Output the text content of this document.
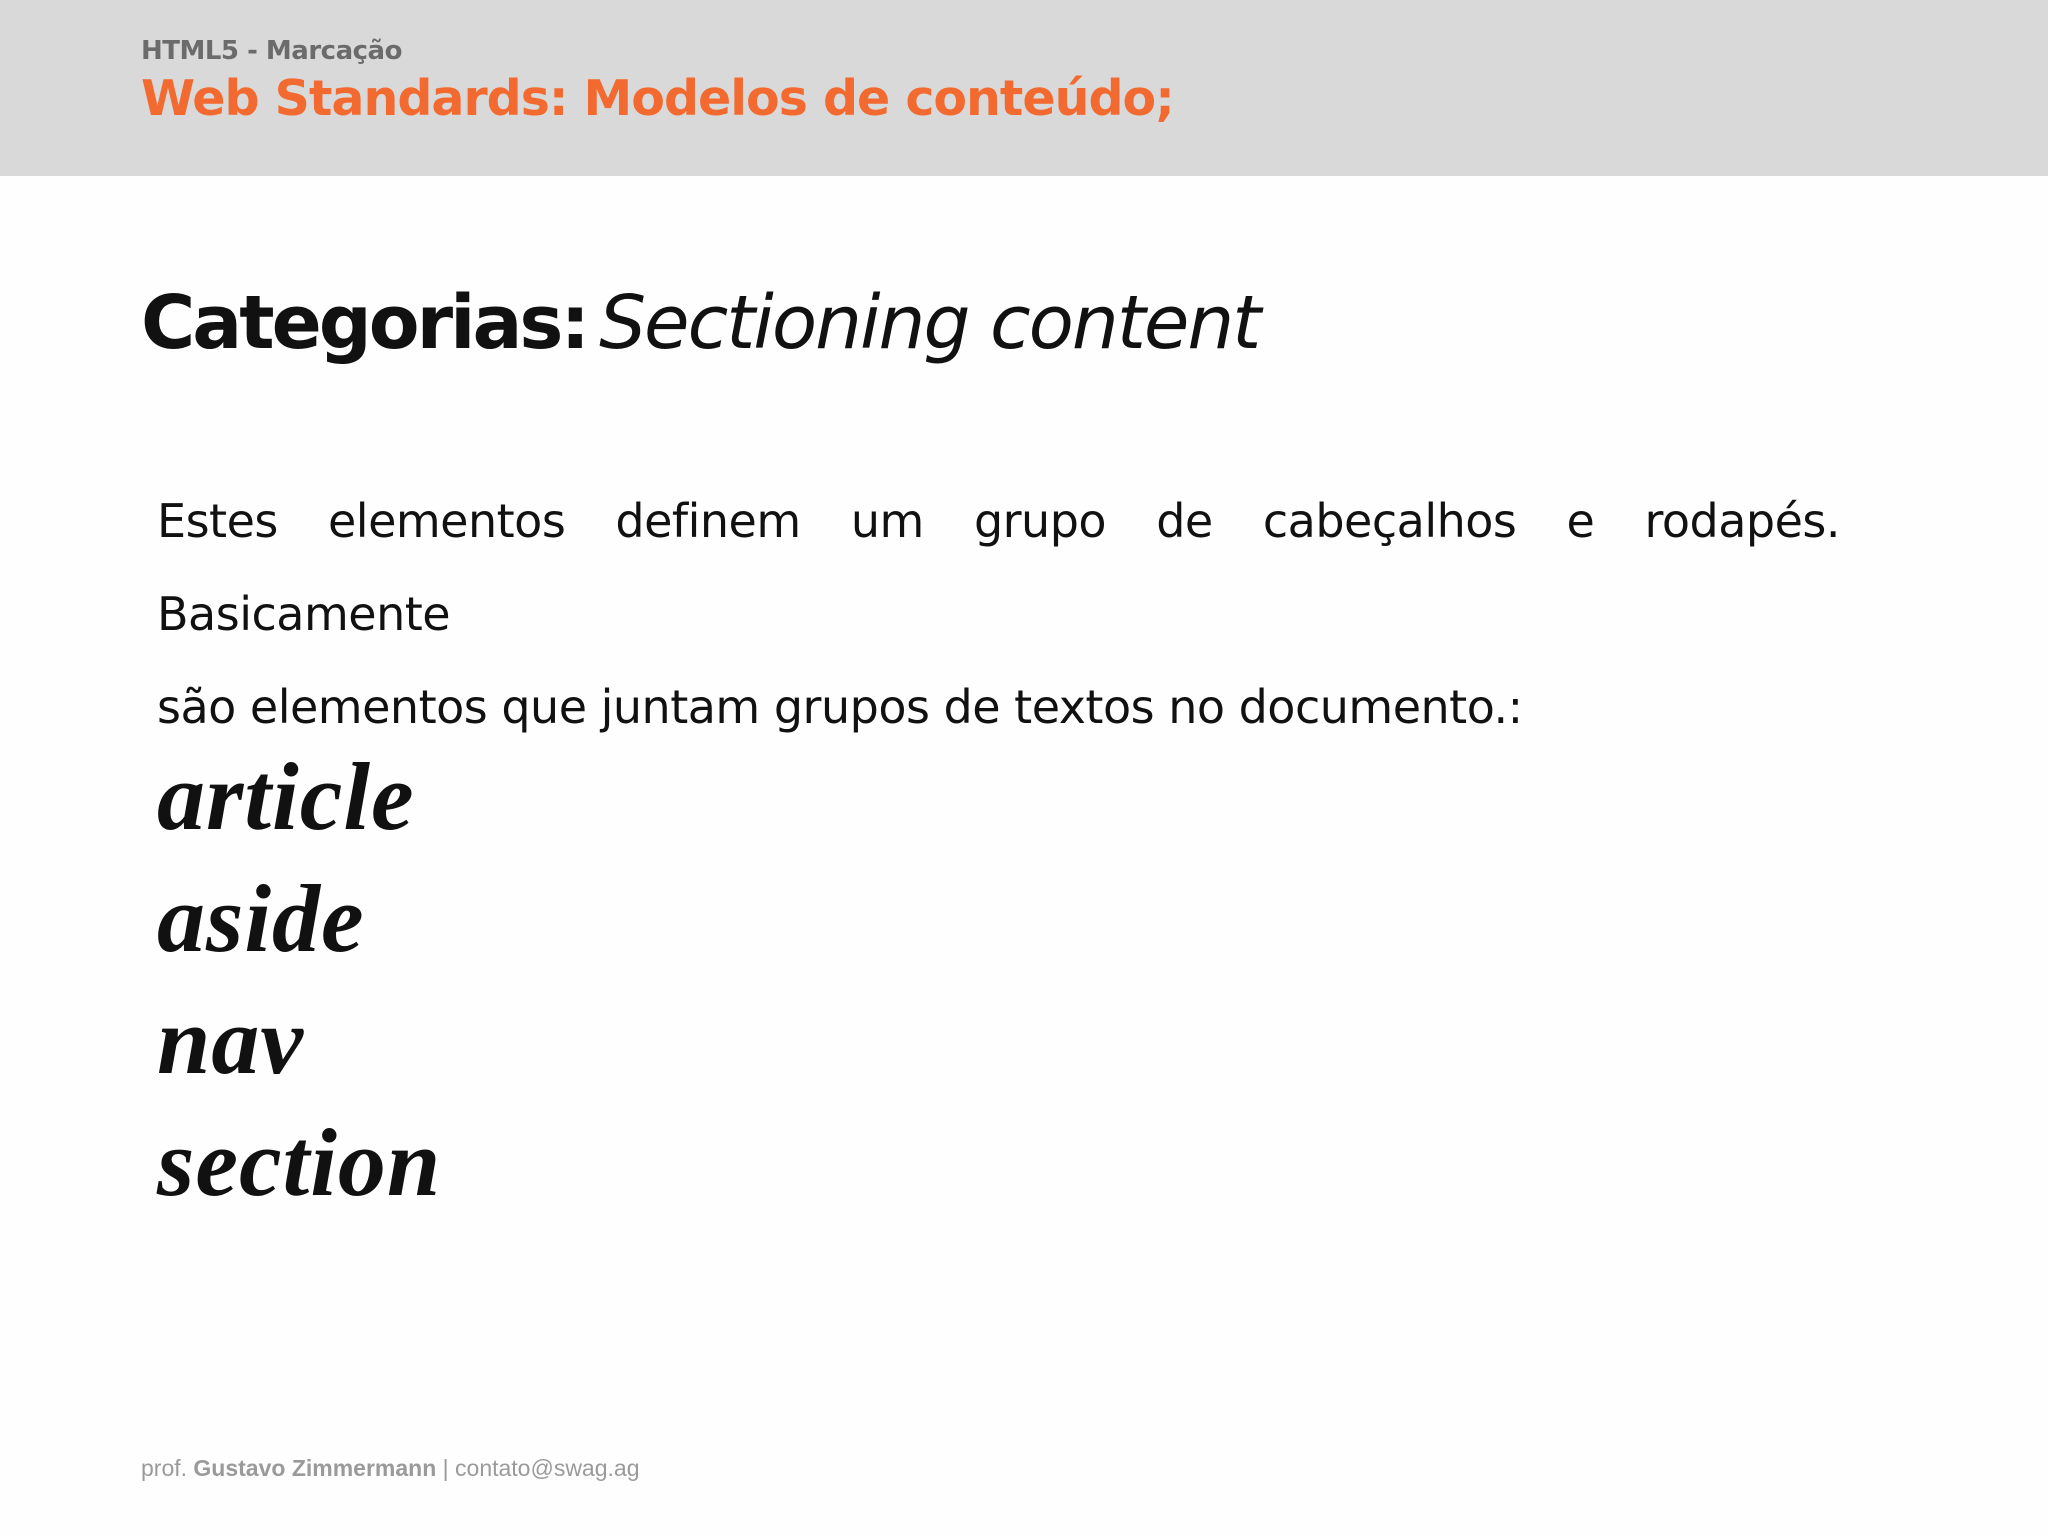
HTML5 - Marcação
Web Standards: Modelos de conteúdo;
Categorias: Sectioning content
Estes elementos definem um grupo de cabeçalhos e rodapés. Basicamente
são elementos que juntam grupos de textos no documento.:
article
aside
nav
section
prof. Gustavo Zimmermann | contato@swag.ag
